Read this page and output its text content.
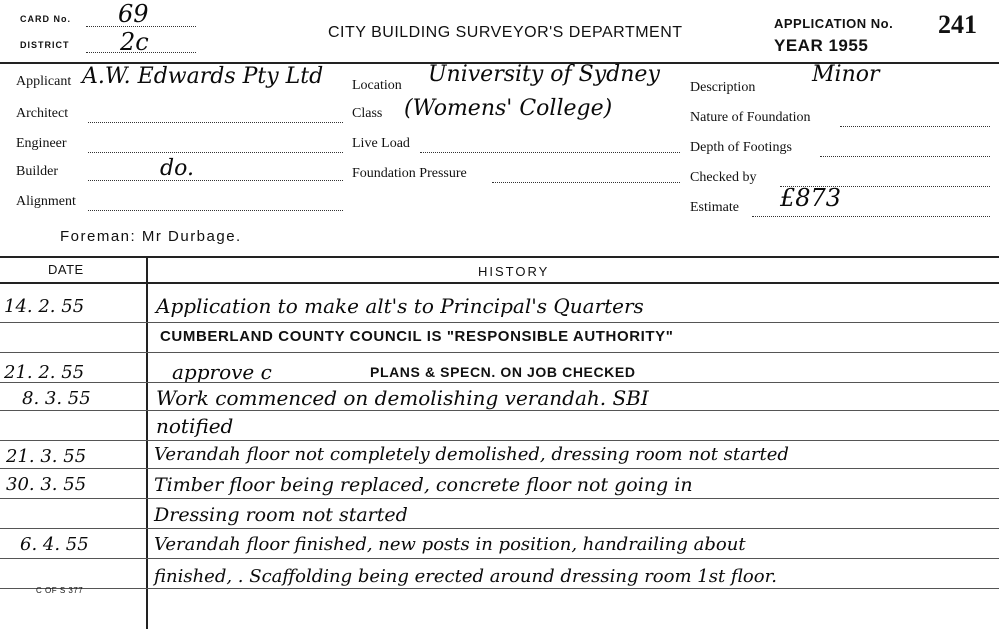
CARD No. 69
DISTRICT 2c	CITY BUILDING SURVEYOR'S DEPARTMENT
APPLICATION No. 241
YEAR 1955
Applicant A.W. Edwards Pty Ltd
Architect
Engineer
Builder	do.
Alignment
Location University of Sydney
Class (Womens' College)
Live Load
Foundation Pressure
Description
Minor
Nature of Foundation
Depth of Footings
Checked by
Estimate £873
Foreman: Mr Durbage.
DATE	HISTORY
14. 2. 55	Application to make alt's to Principal's Quarters
CUMBERLAND COUNTY COUNCIL IS "RESPONSIBLE AUTHORITY"
21. 2. 55	approve c	PLANS & SPECN. ON JOB CHECKED
8. 3. 55	Work commenced on demolishing verandah. SBI
notified
21. 3. 55	Verandah floor not completely demolished, dressing room not started
30. 3. 55	Timber floor being replaced, concrete floor not going in
Dressing room not started
6. 4. 55	Verandah floor finished, new posts in position, handrailing about
finished, . Scaffolding being erected around dressing room 1st floor.
C OF S 377
